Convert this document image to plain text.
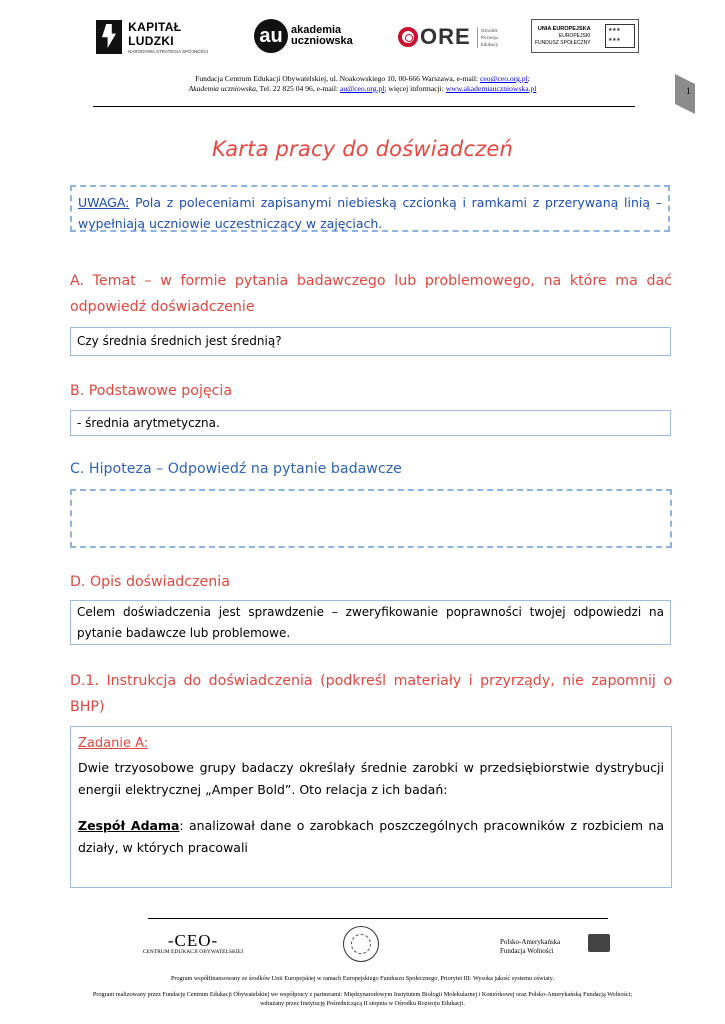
KAPITAŁ LUDZKI
NARODOWA STRATEGIA SPÓJNOŚCI
au akademia
uczniowska	ORE Ośrodek
Rozwoju
Edukacji
UNIA EUROPEJSKA
EUROPEJSKI
FUNDUSZ SPOŁECZNY
★ ★ ★ ★ ★ ★
Fundacja Centrum Edukacji Obywatelskiej, ul. Noakowskiego 10, 00-666 Warszawa, e-mail: ceo@ceo.org.pl;
Akademia uczniowska, Tel. 22 825 04 96, e-mail: au@ceo.org.pl; więcej informacji: www.akademiauczniowska.pl	1
Karta pracy do doświadczeń
UWAGA: Pola z poleceniami zapisanymi niebieską czcionką i ramkami z przerywaną linią – wypełniają uczniowie uczestniczący w zajęciach.
A. Temat – w formie pytania badawczego lub problemowego, na które ma dać odpowiedź doświadczenie
Czy średnia średnich jest średnią?
B. Podstawowe pojęcia
- średnia arytmetyczna.
C. Hipoteza – Odpowiedź na pytanie badawcze
D. Opis doświadczenia
Celem doświadczenia jest sprawdzenie – zweryfikowanie poprawności twojej odpowiedzi na pytanie badawcze lub problemowe.
D.1. Instrukcja do doświadczenia (podkreśl materiały i przyrządy, nie zapomnij o BHP)
Zadanie A:
Dwie trzyosobowe grupy badaczy określały średnie zarobki w przedsiębiorstwie dystrybucji energii elektrycznej „Amper Bold”. Oto relacja z ich badań:
Zespół Adama: analizował dane o zarobkach poszczególnych pracowników z rozbiciem na działy, w których pracowali
-CEO-
CENTRUM EDUKACJI OBYWATELSKIEJ
Polsko-Amerykańska
Fundacja Wolności
Program współfinansowany ze środków Unii Europejskiej w ramach Europejskiego Funduszu Społecznego, Priorytet III: Wysoka jakość systemu oświaty.
Program realizowany przez Fundację Centrum Edukacji Obywatelskiej we współpracy z partnerami: Międzynarodowym Instytutem Biologii Molekularnej i Komórkowej oraz Polsko-Amerykańską Fundacją Wolności;
wdrażany przez Instytucję Pośredniczącą II stopnia w Ośrodku Rozwoju Edukacji.
